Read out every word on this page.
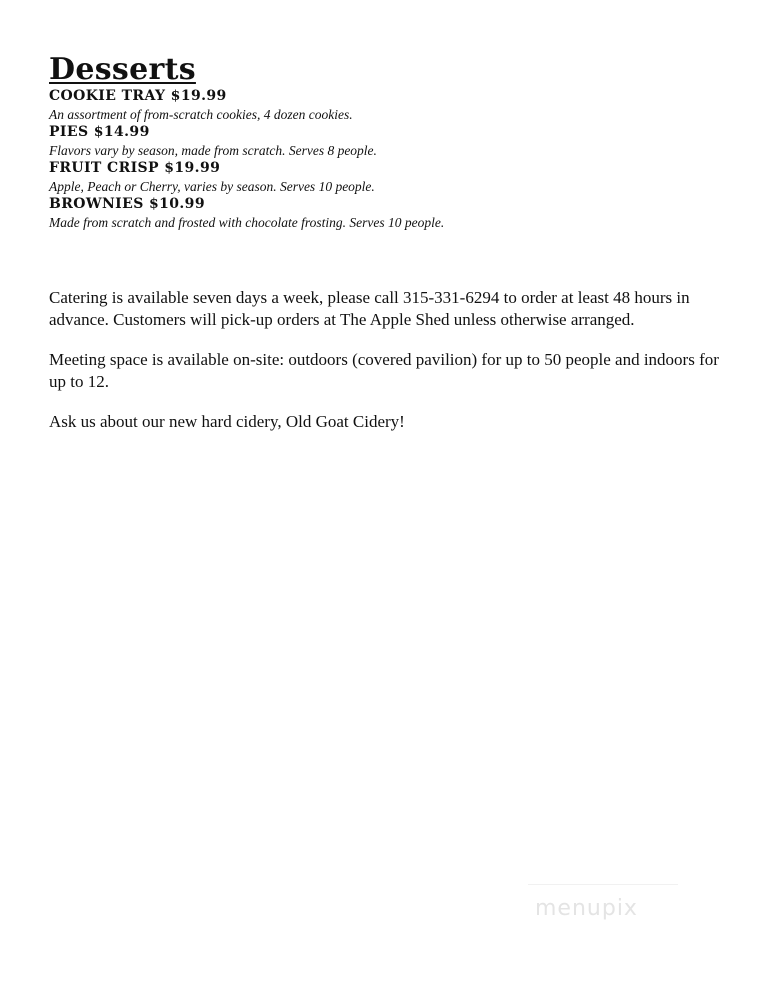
Desserts
COOKIE TRAY $19.99
An assortment of from-scratch cookies, 4 dozen cookies.
PIES $14.99
Flavors vary by season, made from scratch. Serves 8 people.
FRUIT CRISP $19.99
Apple, Peach or Cherry, varies by season. Serves 10 people.
BROWNIES $10.99
Made from scratch and frosted with chocolate frosting. Serves 10 people.

Catering is available seven days a week, please call 315-331-6294 to order at least 48 hours in advance. Customers will pick-up orders at The Apple Shed unless otherwise arranged.

Meeting space is available on-site: outdoors (covered pavilion) for up to 50 people and indoors for up to 12.

Ask us about our new hard cidery, Old Goat Cidery!

menupix
